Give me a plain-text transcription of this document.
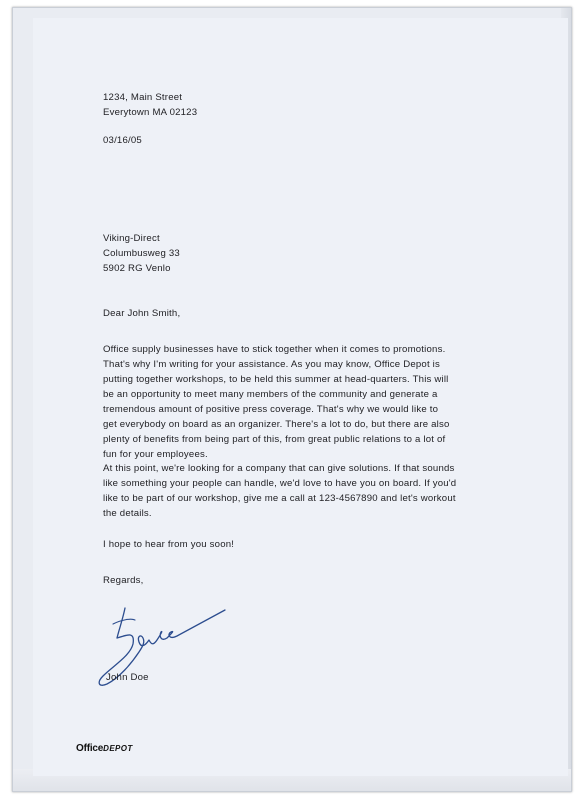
1234, Main Street
Everytown MA 02123
03/16/05
Viking-Direct
Columbusweg 33
5902 RG Venlo
Dear John Smith,
Office supply businesses have to stick together when it comes to promotions.
That's why I'm writing for your assistance. As you may know, Office Depot is
putting together workshops, to be held this summer at head-quarters. This will
be an opportunity to meet many members of the community and generate a
tremendous amount of positive press coverage. That's why we would like to
get everybody on board as an organizer. There's a lot to do, but there are also
plenty of benefits from being part of this, from great public relations to a lot of
fun for your employees.
At this point, we're looking for a company that can give solutions. If that sounds
like something your people can handle, we'd love to have you on board. If you'd
like to be part of our workshop, give me a call at 123-4567890 and let's workout
the details.
I hope to hear from you soon!
Regards,
John Doe
OfficeDEPOT
